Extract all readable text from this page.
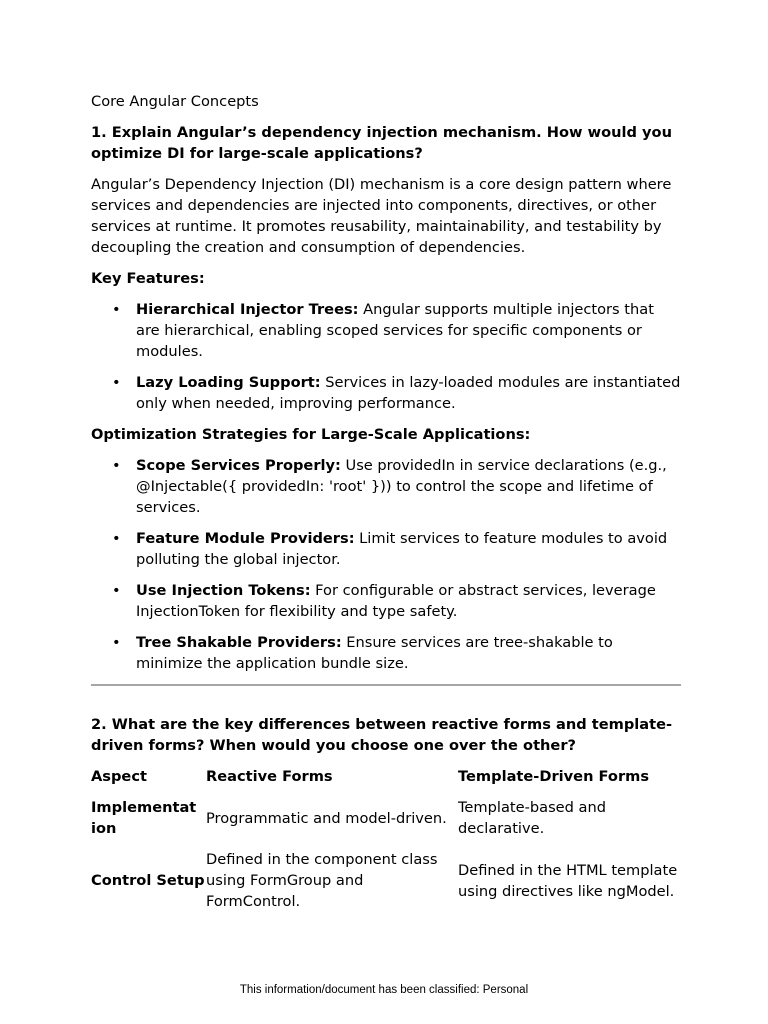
Core Angular Concepts
1. Explain Angular’s dependency injection mechanism. How would you optimize DI for large-scale applications?

Angular’s Dependency Injection (DI) mechanism is a core design pattern where services and dependencies are injected into components, directives, or other services at runtime. It promotes reusability, maintainability, and testability by decoupling the creation and consumption of dependencies.

Key Features:
• Hierarchical Injector Trees: Angular supports multiple injectors that are hierarchical, enabling scoped services for specific components or modules.
• Lazy Loading Support: Services in lazy-loaded modules are instantiated only when needed, improving performance.
Optimization Strategies for Large-Scale Applications:
• Scope Services Properly: Use providedIn in service declarations (e.g., @Injectable({ providedIn: 'root' })) to control the scope and lifetime of services.
• Feature Module Providers: Limit services to feature modules to avoid polluting the global injector.
• Use Injection Tokens: For configurable or abstract services, leverage InjectionToken for flexibility and type safety.
• Tree Shakable Providers: Ensure services are tree-shakable to minimize the application bundle size.
2. What are the key differences between reactive forms and template-driven forms? When would you choose one over the other?
Aspect	Reactive Forms	Template-Driven Forms
Implementat
ion	Programmatic and model-driven.	Template-based and declarative.
Control Setup	Defined in the component class using FormGroup and FormControl.	Defined in the HTML template using directives like ngModel.
This information/document has been classified: Personal
